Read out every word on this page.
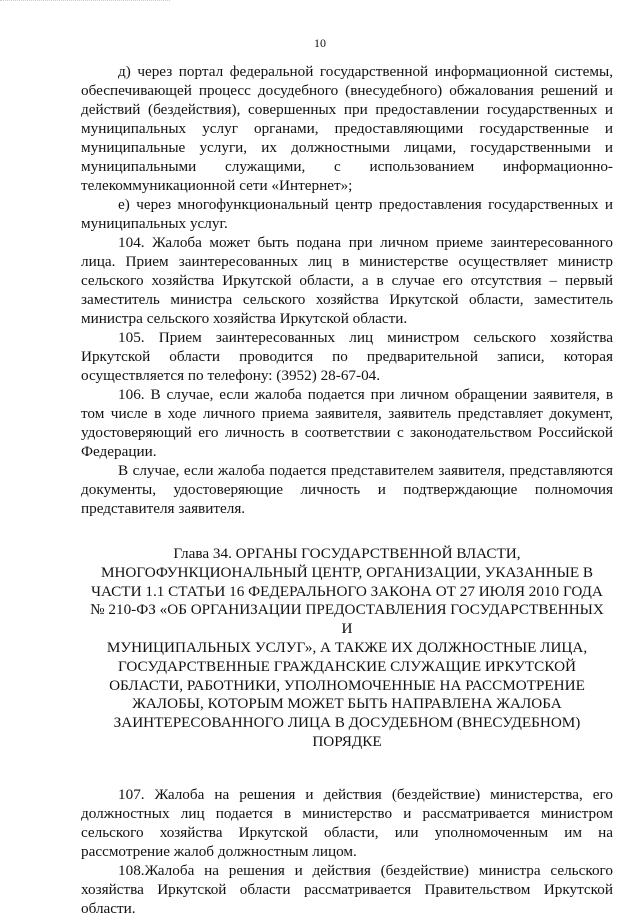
10

д) через портал федеральной государственной информационной системы, обеспечивающей процесс досудебного (внесудебного) обжалования решений и действий (бездействия), совершенных при предоставлении государственных и муниципальных услуг органами, предоставляющими государственные и муниципальные услуги, их должностными лицами, государственными и муниципальными служащими, с использованием информационно-телекоммуникационной сети «Интернет»;

е) через многофункциональный центр предоставления государственных и муниципальных услуг.

104. Жалоба может быть подана при личном приеме заинтересованного лица. Прием заинтересованных лиц в министерстве осуществляет министр сельского хозяйства Иркутской области, а в случае его отсутствия – первый заместитель министра сельского хозяйства Иркутской области, заместитель министра сельского хозяйства Иркутской области.

105. Прием заинтересованных лиц министром сельского хозяйства Иркутской области проводится по предварительной записи, которая осуществляется по телефону: (3952) 28-67-04.

106. В случае, если жалоба подается при личном обращении заявителя, в том числе в ходе личного приема заявителя, заявитель представляет документ, удостоверяющий его личность в соответствии с законодательством Российской Федерации.

В случае, если жалоба подается представителем заявителя, представляются документы, удостоверяющие личность и подтверждающие полномочия представителя заявителя.

Глава 34. ОРГАНЫ ГОСУДАРСТВЕННОЙ ВЛАСТИ,
МНОГОФУНКЦИОНАЛЬНЫЙ ЦЕНТР, ОРГАНИЗАЦИИ, УКАЗАННЫЕ В
ЧАСТИ 1.1 СТАТЬИ 16 ФЕДЕРАЛЬНОГО ЗАКОНА ОТ 27 ИЮЛЯ 2010 ГОДА
№ 210-ФЗ «ОБ ОРГАНИЗАЦИИ ПРЕДОСТАВЛЕНИЯ ГОСУДАРСТВЕННЫХ И
МУНИЦИПАЛЬНЫХ УСЛУГ», А ТАКЖЕ ИХ ДОЛЖНОСТНЫЕ ЛИЦА,
ГОСУДАРСТВЕННЫЕ ГРАЖДАНСКИЕ СЛУЖАЩИЕ ИРКУТСКОЙ
ОБЛАСТИ, РАБОТНИКИ, УПОЛНОМОЧЕННЫЕ НА РАССМОТРЕНИЕ
ЖАЛОБЫ, КОТОРЫМ МОЖЕТ БЫТЬ НАПРАВЛЕНА ЖАЛОБА
ЗАИНТЕРЕСОВАННОГО ЛИЦА В ДОСУДЕБНОМ (ВНЕСУДЕБНОМ)
ПОРЯДКЕ

107. Жалоба на решения и действия (бездействие) министерства, его должностных лиц подается в министерство и рассматривается министром сельского хозяйства Иркутской области, или уполномоченным им на рассмотрение жалоб должностным лицом.

108.Жалоба на решения и действия (бездействие) министра сельского хозяйства Иркутской области рассматривается Правительством Иркутской области.
